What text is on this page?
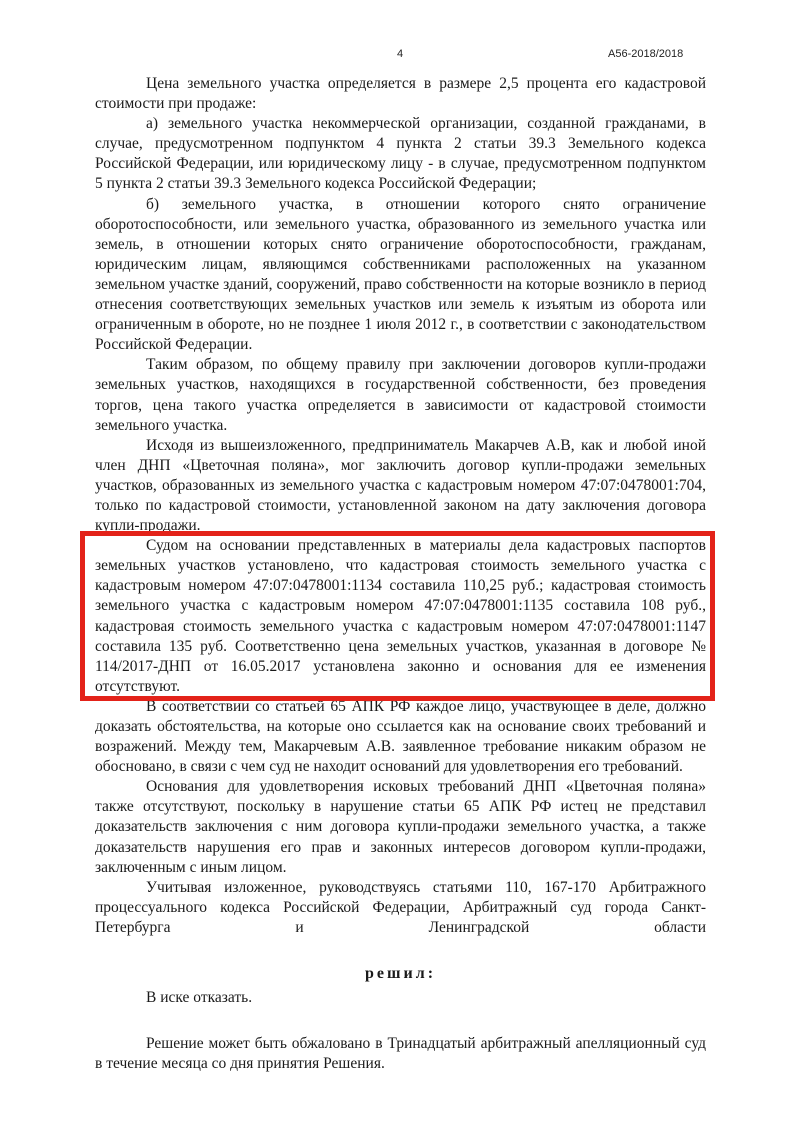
4	А56-2018/2018

Цена земельного участка определяется в размере 2,5 процента его кадастровой стоимости при продаже:

а) земельного участка некоммерческой организации, созданной гражданами, в случае, предусмотренном подпунктом 4 пункта 2 статьи 39.3 Земельного кодекса Российской Федерации, или юридическому лицу - в случае, предусмотренном подпунктом 5 пункта 2 статьи 39.3 Земельного кодекса Российской Федерации;

б) земельного участка, в отношении которого снято ограничение оборотоспособности, или земельного участка, образованного из земельного участка или земель, в отношении которых снято ограничение оборотоспособности, гражданам, юридическим лицам, являющимся собственниками расположенных на указанном земельном участке зданий, сооружений, право собственности на которые возникло в период отнесения соответствующих земельных участков или земель к изъятым из оборота или ограниченным в обороте, но не позднее 1 июля 2012 г., в соответствии с законодательством Российской Федерации.

Таким образом, по общему правилу при заключении договоров купли-продажи земельных участков, находящихся в государственной собственности, без проведения торгов, цена такого участка определяется в зависимости от кадастровой стоимости земельного участка.

Исходя из вышеизложенного, предприниматель Макарчев А.В, как и любой иной член ДНП «Цветочная поляна», мог заключить договор купли-продажи земельных участков, образованных из земельного участка с кадастровым номером 47:07:0478001:704, только по кадастровой стоимости, установленной законом на дату заключения договора купли-продажи.

Судом на основании представленных в материалы дела кадастровых паспортов земельных участков установлено, что кадастровая стоимость земельного участка с кадастровым номером 47:07:0478001:1134 составила 110,25 руб.; кадастровая стоимость земельного участка с кадастровым номером 47:07:0478001:1135 составила 108 руб., кадастровая стоимость земельного участка с кадастровым номером 47:07:0478001:1147 составила 135 руб. Соответственно цена земельных участков, указанная в договоре № 114/2017-ДНП от 16.05.2017 установлена законно и основания для ее изменения отсутствуют.

В соответствии со статьей 65 АПК РФ каждое лицо, участвующее в деле, должно доказать обстоятельства, на которые оно ссылается как на основание своих требований и возражений. Между тем, Макарчевым А.В. заявленное требование никаким образом не обосновано, в связи с чем суд не находит оснований для удовлетворения его требований.

Основания для удовлетворения исковых требований ДНП «Цветочная поляна» также отсутствуют, поскольку в нарушение статьи 65 АПК РФ истец не представил доказательств заключения с ним договора купли-продажи земельного участка, а также доказательств нарушения его прав и законных интересов договором купли-продажи, заключенным с иным лицом.

Учитывая изложенное, руководствуясь статьями 110, 167-170 Арбитражного процессуального кодекса Российской Федерации, Арбитражный суд города Санкт-Петербурга и Ленинградской области

решил:

В иске отказать.

Решение может быть обжаловано в Тринадцатый арбитражный апелляционный суд в течение месяца со дня принятия Решения.
